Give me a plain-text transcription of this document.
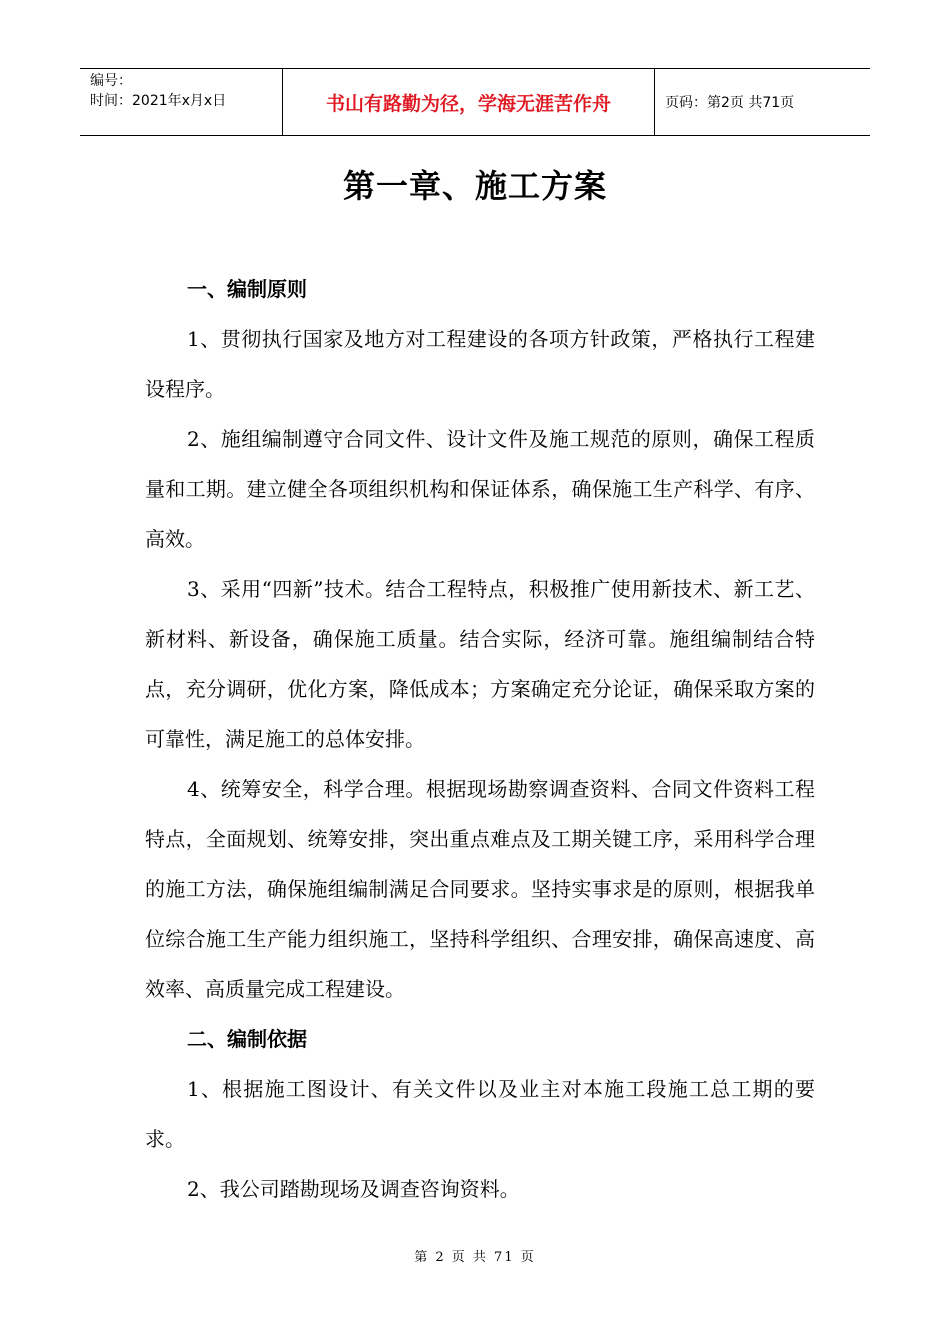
编号：
时间：2021年x月x日	书山有路勤为径，学海无涯苦作舟	页码：第2页 共71页
第一章、施工方案

一、编制原则

1、贯彻执行国家及地方对工程建设的各项方针政策，严格执行工程建设程序。

2、施组编制遵守合同文件、设计文件及施工规范的原则，确保工程质量和工期。建立健全各项组织机构和保证体系，确保施工生产科学、有序、高效。

3、采用“四新”技术。结合工程特点，积极推广使用新技术、新工艺、新材料、新设备，确保施工质量。结合实际，经济可靠。施组编制结合特点，充分调研，优化方案，降低成本；方案确定充分论证，确保采取方案的可靠性，满足施工的总体安排。

4、统筹安全，科学合理。根据现场勘察调查资料、合同文件资料工程特点，全面规划、统筹安排，突出重点难点及工期关键工序，采用科学合理的施工方法，确保施组编制满足合同要求。坚持实事求是的原则，根据我单位综合施工生产能力组织施工，坚持科学组织、合理安排，确保高速度、高效率、高质量完成工程建设。

二、编制依据

1、根据施工图设计、有关文件以及业主对本施工段施工总工期的要求。

2、我公司踏勘现场及调查咨询资料。

第 2 页 共 71 页
